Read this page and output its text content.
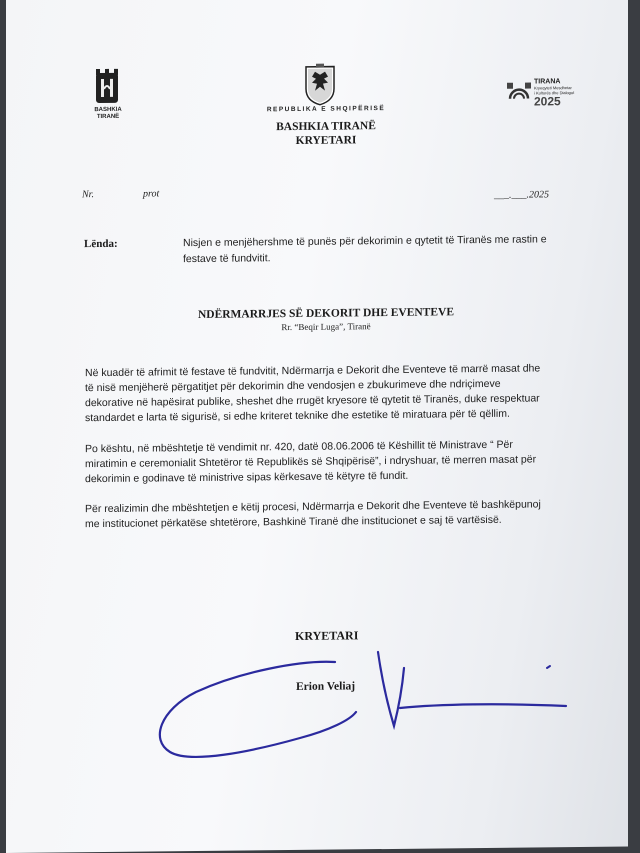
BASHKIA
TIRANË
REPUBLIKA E SHQIPËRISË
BASHKIA TIRANË
KRYETARI
TIRANA
Kryeqyteti Mesdhetar
i Kulturës dhe Dialogut
2025
Nr.	prot	___.___.2025
Lënda:	Nisjen e menjëhershme të punës për dekorimin e qytetit të Tiranës me rastin e
festave të fundvitit.
NDËRMARRJES SË DEKORIT DHE EVENTEVE
Rr. “Beqir Luga”, Tiranë
Në kuadër të afrimit të festave të fundvitit, Ndërmarrja e Dekorit dhe Eventeve të marrë masat dhe
të nisë menjëherë përgatitjet për dekorimin dhe vendosjen e zbukurimeve dhe ndriçimeve
dekorative në hapësirat publike, sheshet dhe rrugët kryesore të qytetit të Tiranës, duke respektuar
standardet e larta të sigurisë, si edhe kriteret teknike dhe estetike të miratuara për të qëllim.
Po kështu, në mbështetje të vendimit nr. 420, datë 08.06.2006 të Këshillit të Ministrave “ Për
miratimin e ceremonialit Shtetëror të Republikës së Shqipërisë”, i ndryshuar, të merren masat për
dekorimin e godinave të ministrive sipas kërkesave të këtyre të fundit.
Për realizimin dhe mbështetjen e këtij procesi, Ndërmarrja e Dekorit dhe Eventeve të bashkëpunoj
me institucionet përkatëse shtetërore, Bashkinë Tiranë dhe institucionet e saj të vartësisë.
KRYETARI
Erion Veliaj
